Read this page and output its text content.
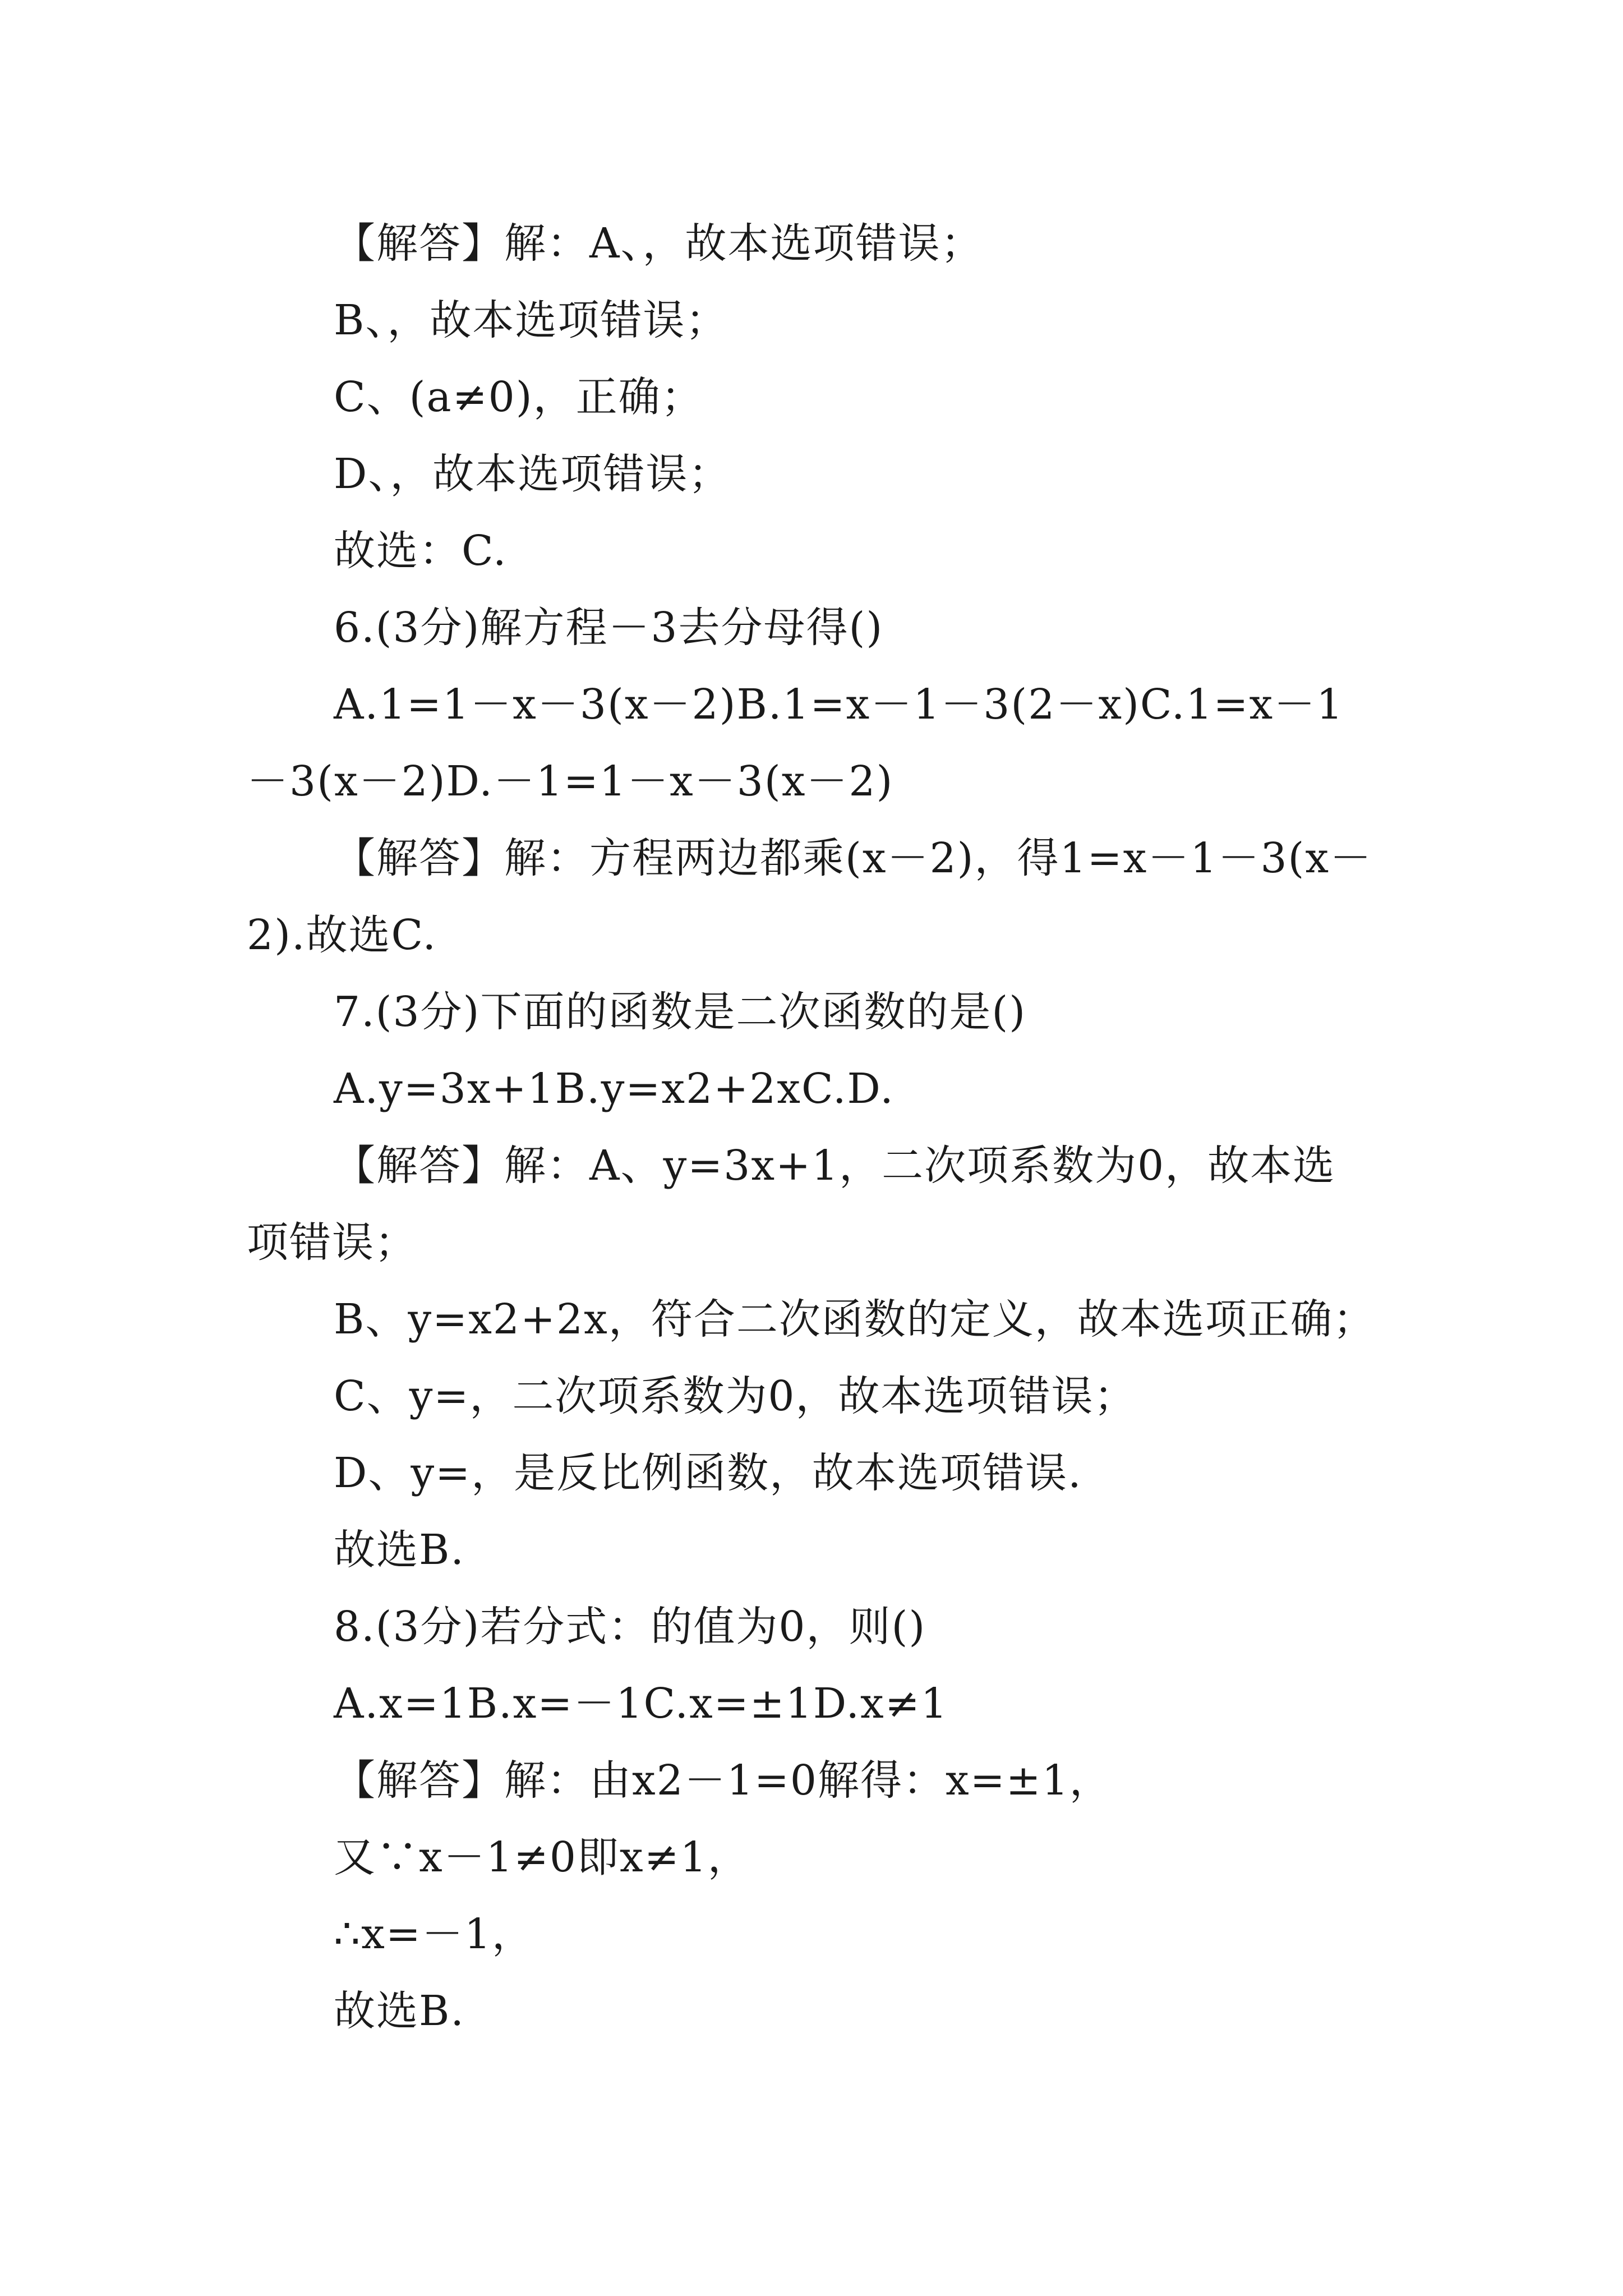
【解答】解：A、，故本选项错误；

B、，故本选项错误；

C、(a≠0)，正确；

D、，故本选项错误；

故选：C.

6.(3分)解方程－3去分母得()

A.1=1－x－3(x－2)B.1=x－1－3(2－x)C.1=x－1－3(x－2)D.－1=1－x－3(x－2)

【解答】解：方程两边都乘(x－2)，得1=x－1－3(x－2).故选C.

7.(3分)下面的函数是二次函数的是()

A.y=3x+1B.y=x2+2xC.D.

【解答】解：A、y=3x+1，二次项系数为0，故本选项错误；

B、y=x2+2x，符合二次函数的定义，故本选项正确；

C、y=，二次项系数为0，故本选项错误；

D、y=，是反比例函数，故本选项错误.

故选B.

8.(3分)若分式：的值为0，则()

A.x=1B.x=－1C.x=±1D.x≠1

【解答】解：由x2－1=0解得：x=±1，

又∵x－1≠0即x≠1，

∴x=－1，

故选B.
